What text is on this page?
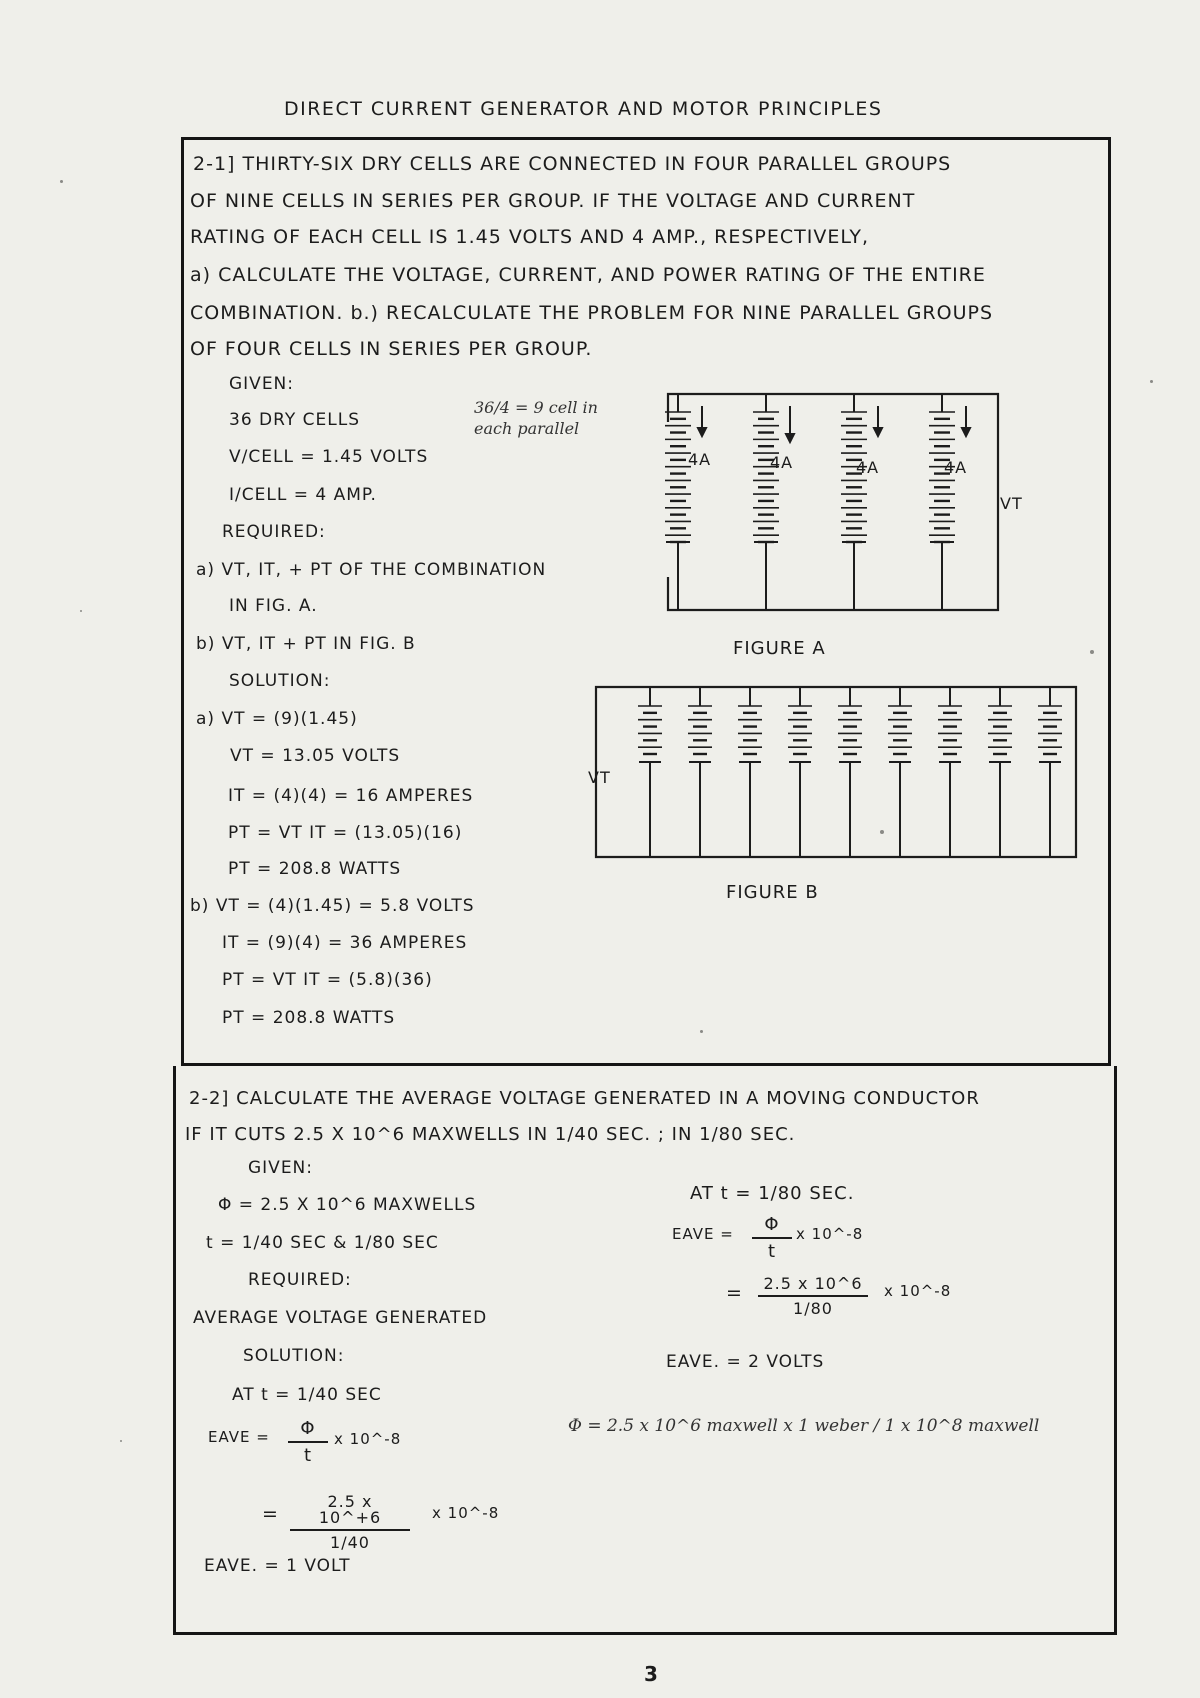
DIRECT CURRENT GENERATOR AND MOTOR PRINCIPLES
2-1] THIRTY-SIX DRY CELLS ARE CONNECTED IN FOUR PARALLEL GROUPS
OF NINE CELLS IN SERIES PER GROUP. IF THE VOLTAGE AND CURRENT
RATING OF EACH CELL IS 1.45 VOLTS AND 4 AMP., RESPECTIVELY,
a) CALCULATE THE VOLTAGE, CURRENT, AND POWER RATING OF THE ENTIRE
COMBINATION. b.) RECALCULATE THE PROBLEM FOR NINE PARALLEL GROUPS
OF FOUR CELLS IN SERIES PER GROUP.
GIVEN:
36 DRY CELLS
V/CELL = 1.45 VOLTS
I/CELL = 4 AMP.
36/4 = 9 cell in each parallel
REQUIRED:
a) VT, IT, + PT OF THE COMBINATION
IN FIG. A.
b) VT, IT + PT IN FIG. B
SOLUTION:
a) VT = (9)(1.45)
VT = 13.05 VOLTS
IT = (4)(4) = 16 AMPERES
PT = VT IT = (13.05)(16)
PT = 208.8 WATTS
b) VT = (4)(1.45) = 5.8 VOLTS
IT = (9)(4) = 36 AMPERES
PT = VT IT = (5.8)(36)
PT = 208.8 WATTS
4A	4A	4A	4A
VT
FIGURE A
VT
FIGURE B
2-2] CALCULATE THE AVERAGE VOLTAGE GENERATED IN A MOVING CONDUCTOR
IF IT CUTS 2.5 X 10^6 MAXWELLS IN 1/40 SEC. ; IN 1/80 SEC.
GIVEN:
Φ = 2.5 X 10^6 MAXWELLS
t = 1/40 SEC & 1/80 SEC
REQUIRED:
AVERAGE VOLTAGE GENERATED
SOLUTION:
AT t = 1/40 SEC
EAVE = $\frac{\Phi}{t}$ x 10^-8
= $\frac{2.5 x 10\^{}+6}{1/40}$ x 10^-8
EAVE. = 1 VOLT
AT t = 1/80 SEC.
EAVE = $\frac{\Phi}{t}$ x 10^-8
= $\frac{2.5 x 10\^{}6}{1/80}$ x 10^-8
EAVE. = 2 VOLTS
Φ = 2.5 x 10^6 maxwell x 1 weber / 1 x 10^8 maxwell
3
